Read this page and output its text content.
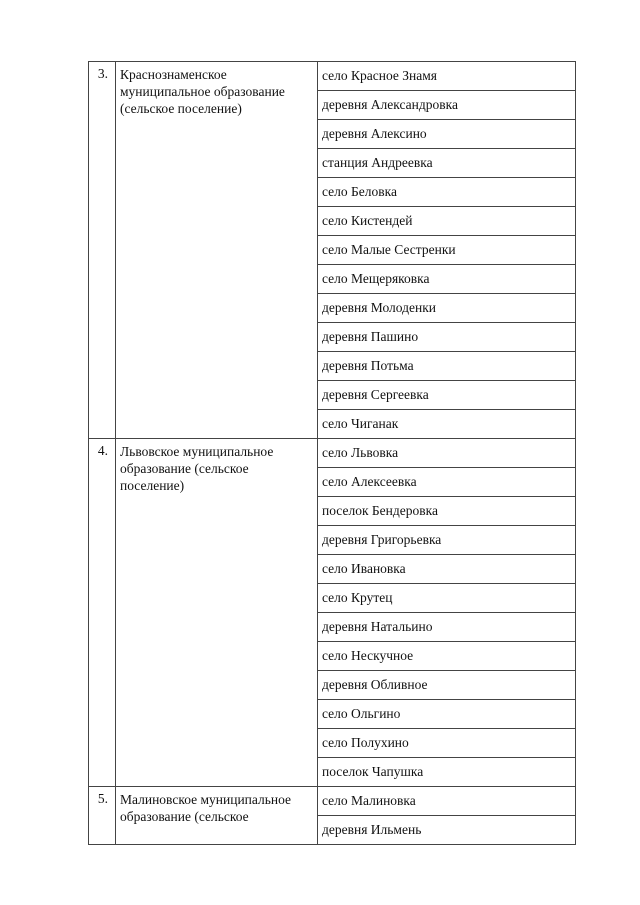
3.	Краснознаменское муниципальное образование (сельское поселение)	село Красное Знамя
		деревня Александровка
		деревня Алексино
		станция Андреевка
		село Беловка
		село Кистендей
		село Малые Сестренки
		село Мещеряковка
		деревня Молоденки
		деревня Пашино
		деревня Потьма
		деревня Сергеевка
		село Чиганак
4.	Львовское муниципальное образование (сельское поселение)	село Львовка
		село Алексеевка
		поселок Бендеровка
		деревня Григорьевка
		село Ивановка
		село Крутец
		деревня Натальино
		село Нескучное
		деревня Обливное
		село Ольгино
		село Полухино
		поселок Чапушка
5.	Малиновское муниципальное образование (сельское	село Малиновка
		деревня Ильмень
